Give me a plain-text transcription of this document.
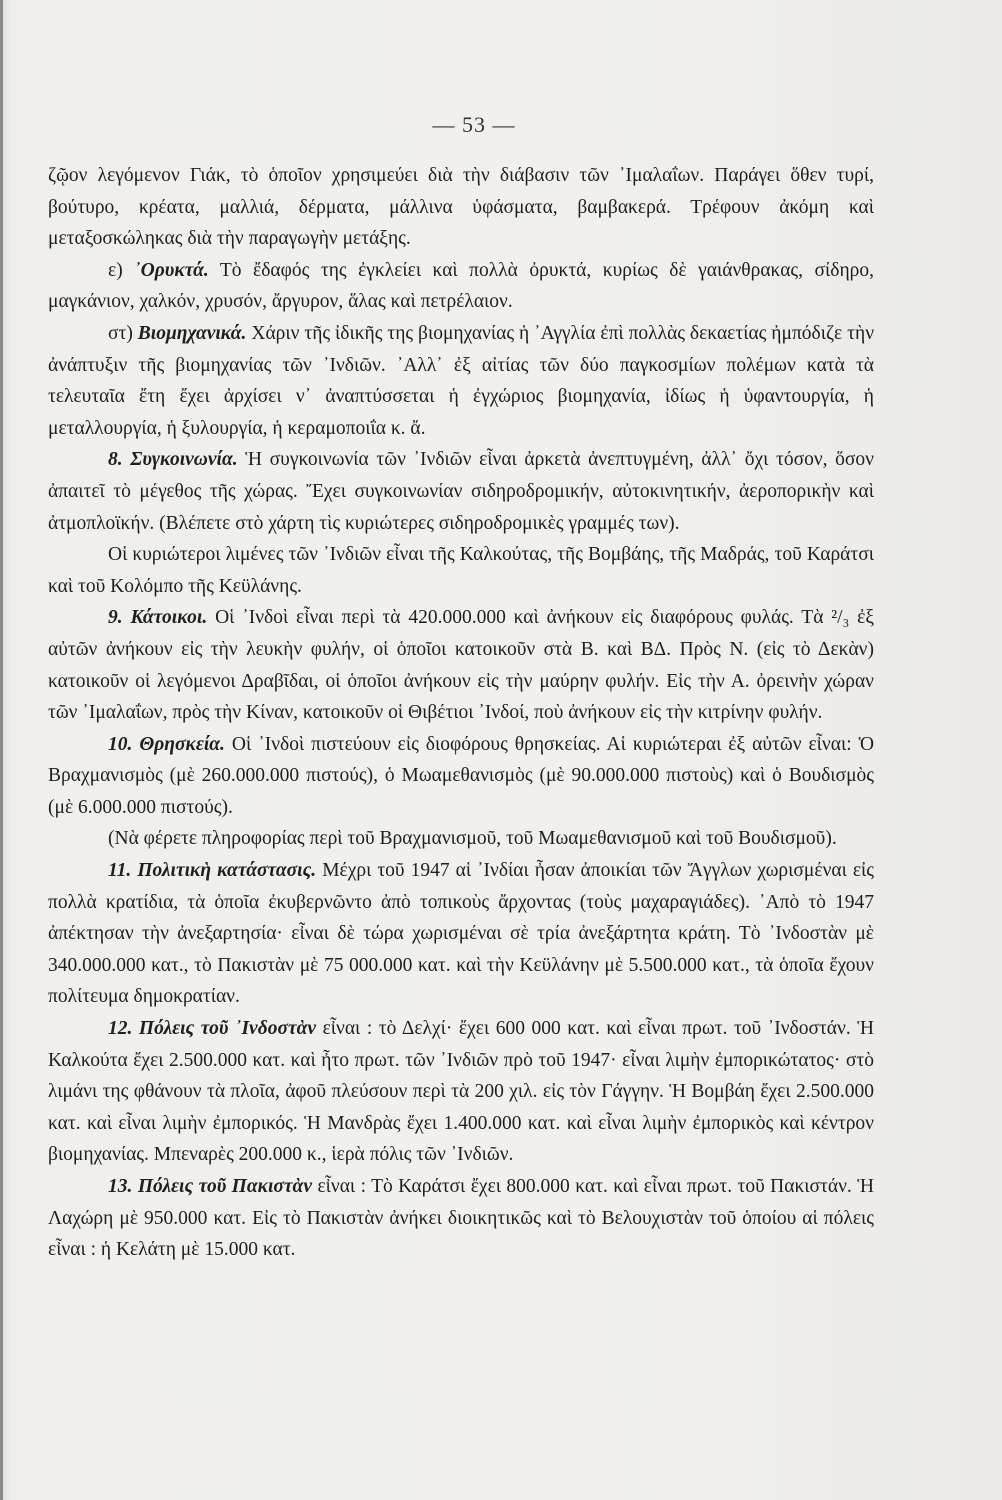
— 53 —

ζῷον λεγόμενον Γιάκ, τὸ ὁποῖον χρησιμεύει διὰ τὴν διάβασιν τῶν ᾿Ιμαλαΐων. Παράγει ὅθεν τυρί, βούτυρο, κρέατα, μαλλιά, δέρματα, μάλλινα ὑφάσματα, βαμβακερά. Τρέφουν ἀκόμη καὶ μεταξοσκώληκας διὰ τὴν παραγωγὴν μετάξης.

ε) ᾿Ορυκτά. Τὸ ἔδαφός της ἐγκλείει καὶ πολλὰ ὀρυκτά, κυρίως δὲ γαιάνθρακας, σίδηρο, μαγκάνιον, χαλκόν, χρυσόν, ἄργυρον, ἅλας καὶ πετρέλαιον.

στ) Βιομηχανικά. Χάριν τῆς ἰδικῆς της βιομηχανίας ἡ ᾿Αγγλία ἐπὶ πολλὰς δεκαετίας ἠμπόδιζε τὴν ἀνάπτυξιν τῆς βιομηχανίας τῶν ᾿Ινδιῶν. ᾿Αλλ᾿ ἐξ αἰτίας τῶν δύο παγκοσμίων πολέμων κατὰ τὰ τελευταῖα ἔτη ἔχει ἀρχίσει ν᾿ ἀναπτύσσεται ἡ ἐγχώριος βιομηχανία, ἰδίως ἡ ὑφαντουργία, ἡ μεταλλουργία, ἡ ξυλουργία, ἡ κεραμοποιΐα κ. ἄ.

8. Συγκοινωνία. Ἡ συγκοινωνία τῶν ᾿Ινδιῶν εἶναι ἀρκετὰ ἀνεπτυγμένη, ἀλλ᾿ ὄχι τόσον, ὅσον ἀπαιτεῖ τὸ μέγεθος τῆς χώρας. Ἔχει συγκοινωνίαν σιδηροδρομικήν, αὐτοκινητικήν, ἀεροπορικὴν καὶ ἀτμοπλοϊκήν. (Βλέπετε στὸ χάρτη τὶς κυριώτερες σιδηροδρομικὲς γραμμές των).

Οἱ κυριώτεροι λιμένες τῶν ᾿Ινδιῶν εἶναι τῆς Καλκούτας, τῆς Βομβάης, τῆς Μαδράς, τοῦ Καράτσι καὶ τοῦ Κολόμπο τῆς Κεϋλάνης.

9. Κάτοικοι. Οἱ ᾿Ινδοὶ εἶναι περὶ τὰ 420.000.000 καὶ ἀνήκουν εἰς διαφόρους φυλάς. Τὰ ²/₃ ἐξ αὐτῶν ἀνήκουν εἰς τὴν λευκὴν φυλήν, οἱ ὁποῖοι κατοικοῦν στὰ Β. καὶ ΒΔ. Πρὸς Ν. (εἰς τὸ Δεκὰν) κατοικοῦν οἱ λεγόμενοι Δραβῖδαι, οἱ ὁποῖοι ἀνήκουν εἰς τὴν μαύρην φυλήν. Εἰς τὴν Α. ὀρεινὴν χώραν τῶν ᾿Ιμαλαΐων, πρὸς τὴν Κίναν, κατοικοῦν οἱ Θιβέτιοι ᾿Ινδοί, ποὺ ἀνήκουν εἰς τὴν κιτρίνην φυλήν.

10. Θρησκεία. Οἱ ᾿Ινδοὶ πιστεύουν εἰς διοφόρους θρησκείας. Αἱ κυριώτεραι ἐξ αὐτῶν εἶναι: Ὁ Βραχμανισμὸς (μὲ 260.000.000 πιστούς), ὁ Μωαμεθανισμὸς (μὲ 90.000.000 πιστοὺς) καὶ ὁ Βουδισμὸς (μὲ 6.000.000 πιστούς).

(Νὰ φέρετε πληροφορίας περὶ τοῦ Βραχμανισμοῦ, τοῦ Μωαμεθανισμοῦ καὶ τοῦ Βουδισμοῦ).

11. Πολιτικὴ κατάστασις. Μέχρι τοῦ 1947 αἱ ᾿Ινδίαι ἦσαν ἀποικίαι τῶν Ἄγγλων χωρισμέναι εἰς πολλὰ κρατίδια, τὰ ὁποῖα ἐκυβερνῶντο ἀπὸ τοπικοὺς ἄρχοντας (τοὺς μαχαραγιάδες). ᾿Απὸ τὸ 1947 ἀπέκτησαν τὴν ἀνεξαρτησία· εἶναι δὲ τώρα χωρισμέναι σὲ τρία ἀνεξάρτητα κράτη. Τὸ ᾿Ινδοστὰν μὲ 340.000.000 κατ., τὸ Πακιστὰν μὲ 75 000.000 κατ. καὶ τὴν Κεϋλάνην μὲ 5.500.000 κατ., τὰ ὁποῖα ἔχουν πολίτευμα δημοκρατίαν.

12. Πόλεις τοῦ ᾿Ινδοστὰν εἶναι : τὸ Δελχί· ἔχει 600 000 κατ. καὶ εἶναι πρωτ. τοῦ ᾿Ινδοστάν. Ἡ Καλκούτα ἔχει 2.500.000 κατ. καὶ ἦτο πρωτ. τῶν ᾿Ινδιῶν πρὸ τοῦ 1947· εἶναι λιμὴν ἐμπορικώτατος· στὸ λιμάνι της φθάνουν τὰ πλοῖα, ἀφοῦ πλεύσουν περὶ τὰ 200 χιλ. εἰς τὸν Γάγγην. Ἡ Βομβάη ἔχει 2.500.000 κατ. καὶ εἶναι λιμὴν ἐμπορικός. Ἡ Μανδρὰς ἔχει 1.400.000 κατ. καὶ εἶναι λιμὴν ἐμπορικὸς καὶ κέντρον βιομηχανίας. Μπεναρὲς 200.000 κ., ἱερὰ πόλις τῶν ᾿Ινδιῶν.

13. Πόλεις τοῦ Πακιστὰν εἶναι : Τὸ Καράτσι ἔχει 800.000 κατ. καὶ εἶναι πρωτ. τοῦ Πακιστάν. Ἡ Λαχώρη μὲ 950.000 κατ. Εἰς τὸ Πακιστὰν ἀνήκει διοικητικῶς καὶ τὸ Βελουχιστὰν τοῦ ὁποίου αἱ πόλεις εἶναι : ἡ Κελάτη μὲ 15.000 κατ.
